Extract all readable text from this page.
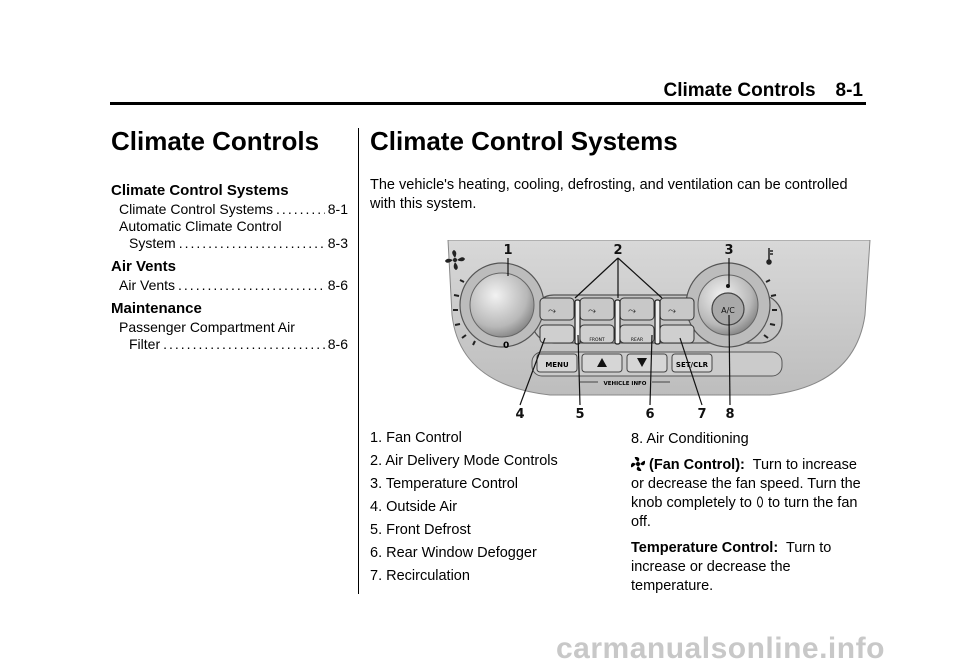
Climate Controls 8-1
Climate Controls
Climate Control Systems
Climate Control Systems .....	8-1
Automatic Climate Control
System .....	8-3
Air Vents
Air Vents .....	8-6
Maintenance
Passenger Compartment Air
Filter .....	8-6
Climate Control Systems
The vehicle's heating, cooling, defrosting, and ventilation can be controlled with this system.
A/C
⤳	⤳	⤳	⤳
FRONT	REAR
MENU	SET/CLR
VEHICLE INFO
0
1	2	3
4	5	6	7 8
1. Fan Control
2. Air Delivery Mode Controls
3. Temperature Control
4. Outside Air
5. Front Defrost
6. Rear Window Defogger
7. Recirculation

8. Air Conditioning

(Fan Control): Turn to increase or decrease the fan speed. Turn the knob completely to to turn the fan off.

Temperature Control: Turn to increase or decrease the temperature.

carmanualsonline.info
